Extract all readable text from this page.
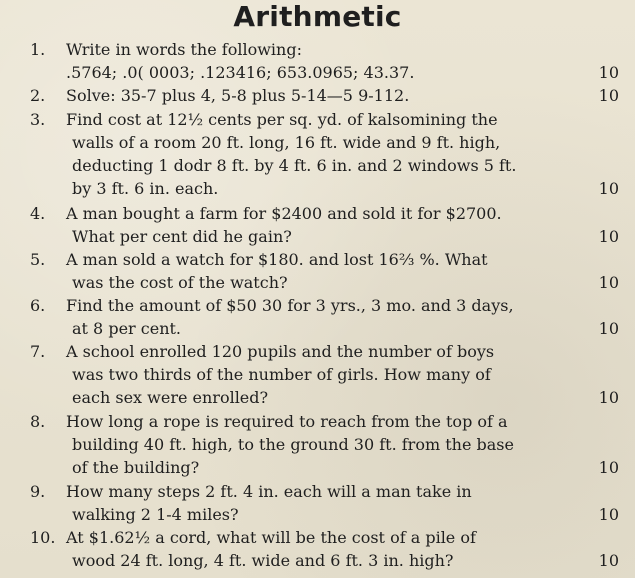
Arithmetic
1. Write in words the following:
.5764; .0( 0003; .123416; 653.0965; 43.37.	10
2. Solve: 35-7 plus 4, 5-8 plus 5-14—5 9-112.	10
3. Find cost at 12½ cents per sq. yd. of kalsomining the
walls of a room 20 ft. long, 16 ft. wide and 9 ft. high,
deducting 1 dodr 8 ft. by 4 ft. 6 in. and 2 windows 5 ft.
by 3 ft. 6 in. each.	10
4. A man bought a farm for $2400 and sold it for $2700.
What per cent did he gain?	10
5. A man sold a watch for $180. and lost 16⅔ %. What
was the cost of the watch?	10
6. Find the amount of $50 30 for 3 yrs., 3 mo. and 3 days,
at 8 per cent.	10
7. A school enrolled 120 pupils and the number of boys
was two thirds of the number of girls. How many of
each sex were enrolled?	10
8. How long a rope is required to reach from the top of a
building 40 ft. high, to the ground 30 ft. from the base
of the building?	10
9. How many steps 2 ft. 4 in. each will a man take in
walking 2 1-4 miles?	10
10. At $1.62½ a cord, what will be the cost of a pile of
wood 24 ft. long, 4 ft. wide and 6 ft. 3 in. high?	10
